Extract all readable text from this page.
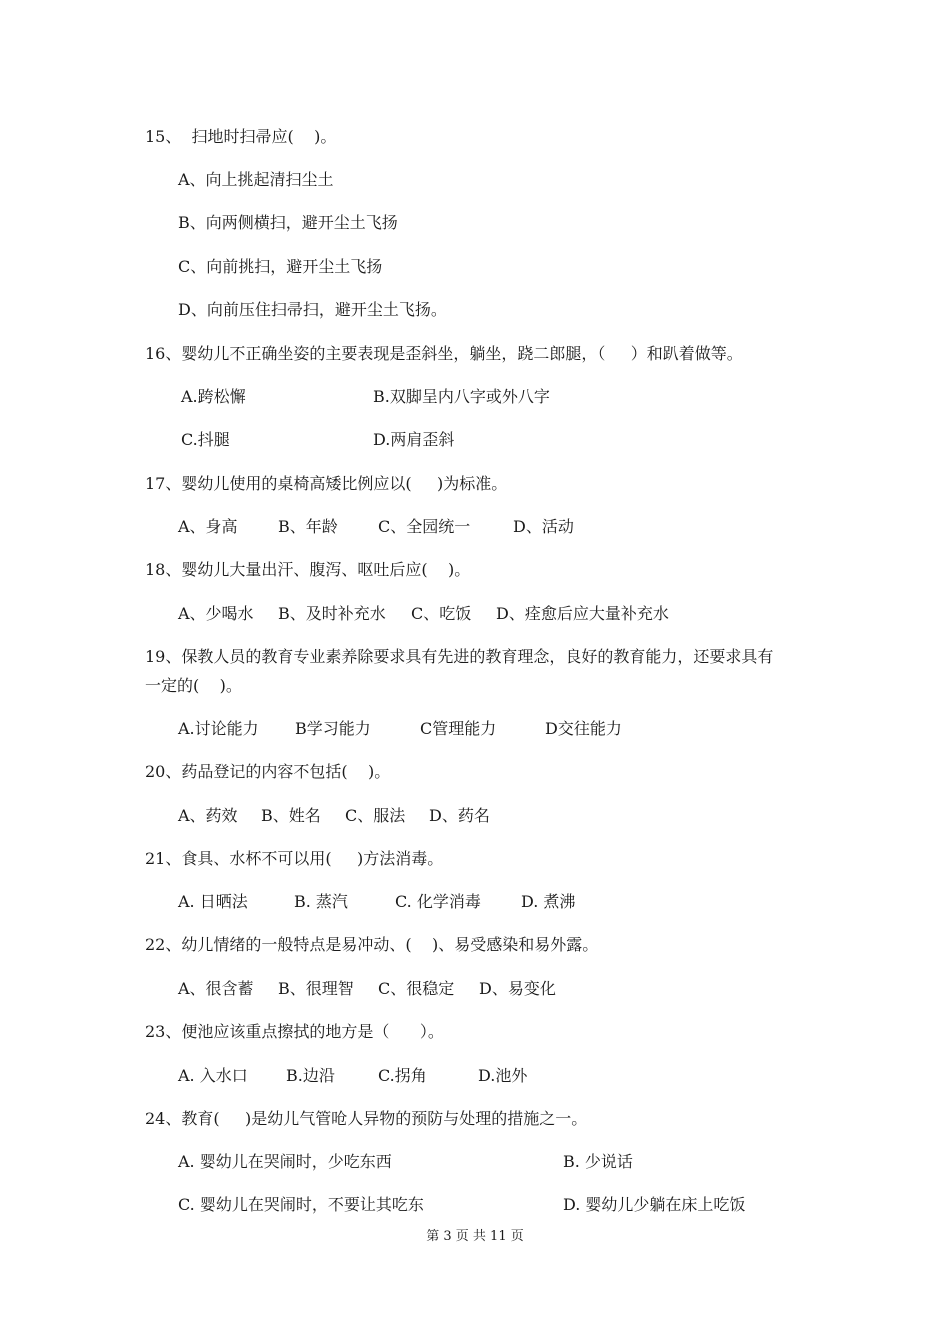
15、  扫地时扫帚应(    )。
A、向上挑起清扫尘土
B、向两侧横扫，避开尘土飞扬
C、向前挑扫，避开尘土飞扬
D、向前压住扫帚扫，避开尘土飞扬。
16、婴幼儿不正确坐姿的主要表现是歪斜坐，躺坐，跷二郎腿，（     ）和趴着做等。
A.跨松懈	B.双脚呈内八字或外八字
C.抖腿	D.两肩歪斜
17、婴幼儿使用的桌椅高矮比例应以(     )为标准。
A、身高	B、年龄	C、全园统一	D、活动
18、婴幼儿大量出汗、腹泻、呕吐后应(    )。
A、少喝水 B、及时补充水 C、吃饭 D、痊愈后应大量补充水
19、保教人员的教育专业素养除要求具有先进的教育理念，良好的教育能力，还要求具有
一定的(    )。
A.讨论能力 B学习能力	C管理能力	D交往能力
20、药品登记的内容不包括(    )。
A、药效 B、姓名 C、服法 D、药名
21、食具、水杯不可以用(     )方法消毒。
A. 日晒法	B. 蒸汽	C. 化学消毒	D. 煮沸
22、幼儿情绪的一般特点是易冲动、(    )、易受感染和易外露。
A、很含蓄 B、很理智 C、很稳定 D、易变化
23、便池应该重点擦拭的地方是（      ）。
A. 入水口 B.边沿	C.拐角	D.池外
24、教育(     )是幼儿气管呛人异物的预防与处理的措施之一。
A. 婴幼儿在哭闹时，少吃东西	B. 少说话
C. 婴幼儿在哭闹时，不要让其吃东	D. 婴幼儿少躺在床上吃饭
第 3 页 共 11 页
